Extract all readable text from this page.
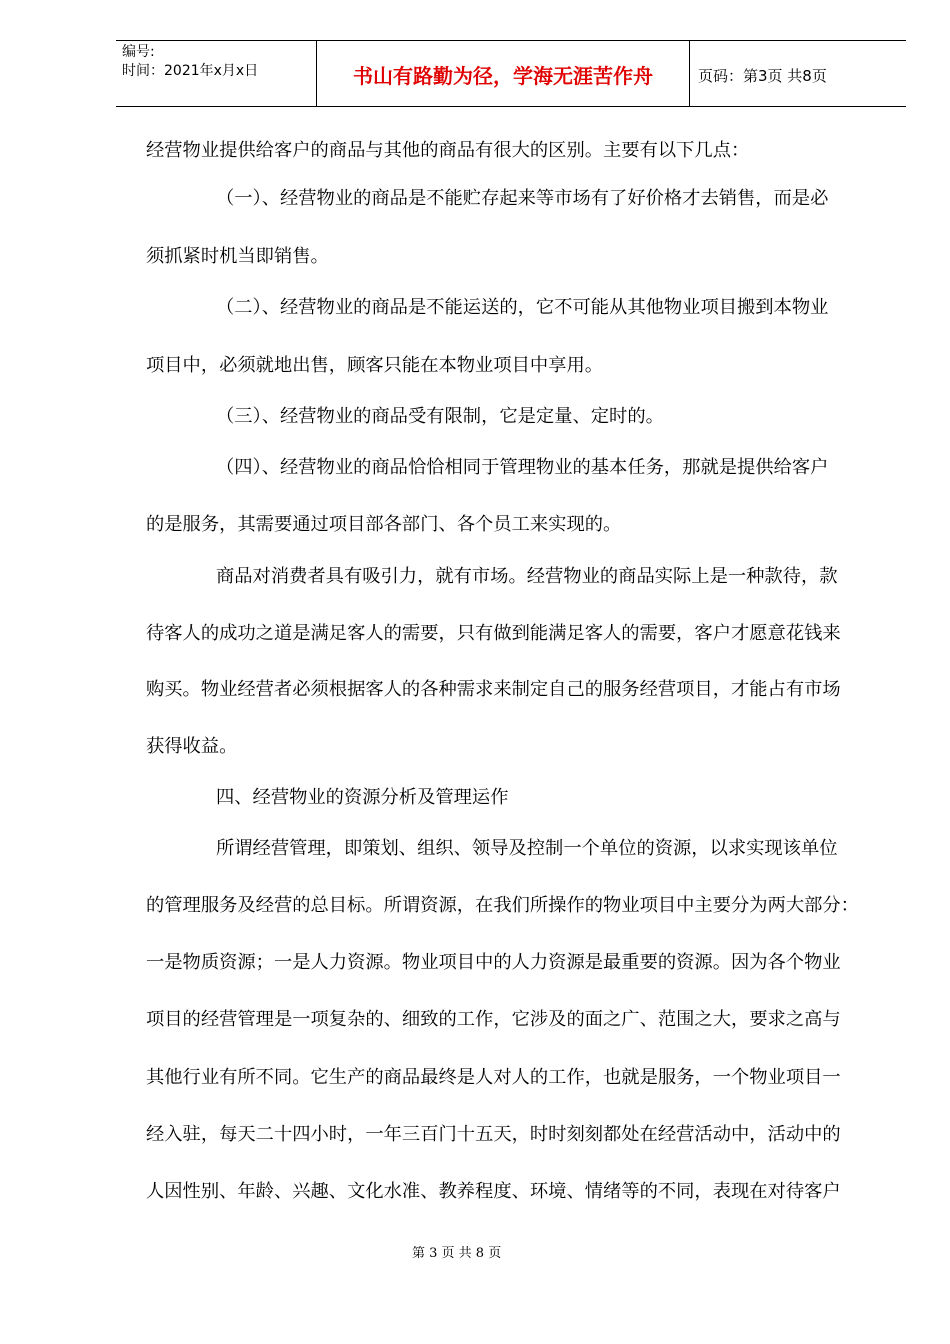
编号:
时间：2021年x月x日	书山有路勤为径，学海无涯苦作舟	页码：第3页 共8页
经营物业提供给客户的商品与其他的商品有很大的区别。主要有以下几点：
（一）、经营物业的商品是不能贮存起来等市场有了好价格才去销售，而是必
须抓紧时机当即销售。
（二）、经营物业的商品是不能运送的，它不可能从其他物业项目搬到本物业
项目中，必须就地出售，顾客只能在本物业项目中享用。
（三）、经营物业的商品受有限制，它是定量、定时的。
（四）、经营物业的商品恰恰相同于管理物业的基本任务，那就是提供给客户
的是服务，其需要通过项目部各部门、各个员工来实现的。
商品对消费者具有吸引力，就有市场。经营物业的商品实际上是一种款待，款
待客人的成功之道是满足客人的需要，只有做到能满足客人的需要，客户才愿意花钱来
购买。物业经营者必须根据客人的各种需求来制定自己的服务经营项目，才能占有市场
获得收益。
四、经营物业的资源分析及管理运作
所谓经营管理，即策划、组织、领导及控制一个单位的资源，以求实现该单位
的管理服务及经营的总目标。所谓资源，在我们所操作的物业项目中主要分为两大部分：
一是物质资源；一是人力资源。物业项目中的人力资源是最重要的资源。因为各个物业
项目的经营管理是一项复杂的、细致的工作，它涉及的面之广、范围之大，要求之高与
其他行业有所不同。它生产的商品最终是人对人的工作，也就是服务，一个物业项目一
经入驻，每天二十四小时，一年三百门十五天，时时刻刻都处在经营活动中，活动中的
人因性别、年龄、兴趣、文化水准、教养程度、环境、情绪等的不同，表现在对待客户
第 3 页 共 8 页
